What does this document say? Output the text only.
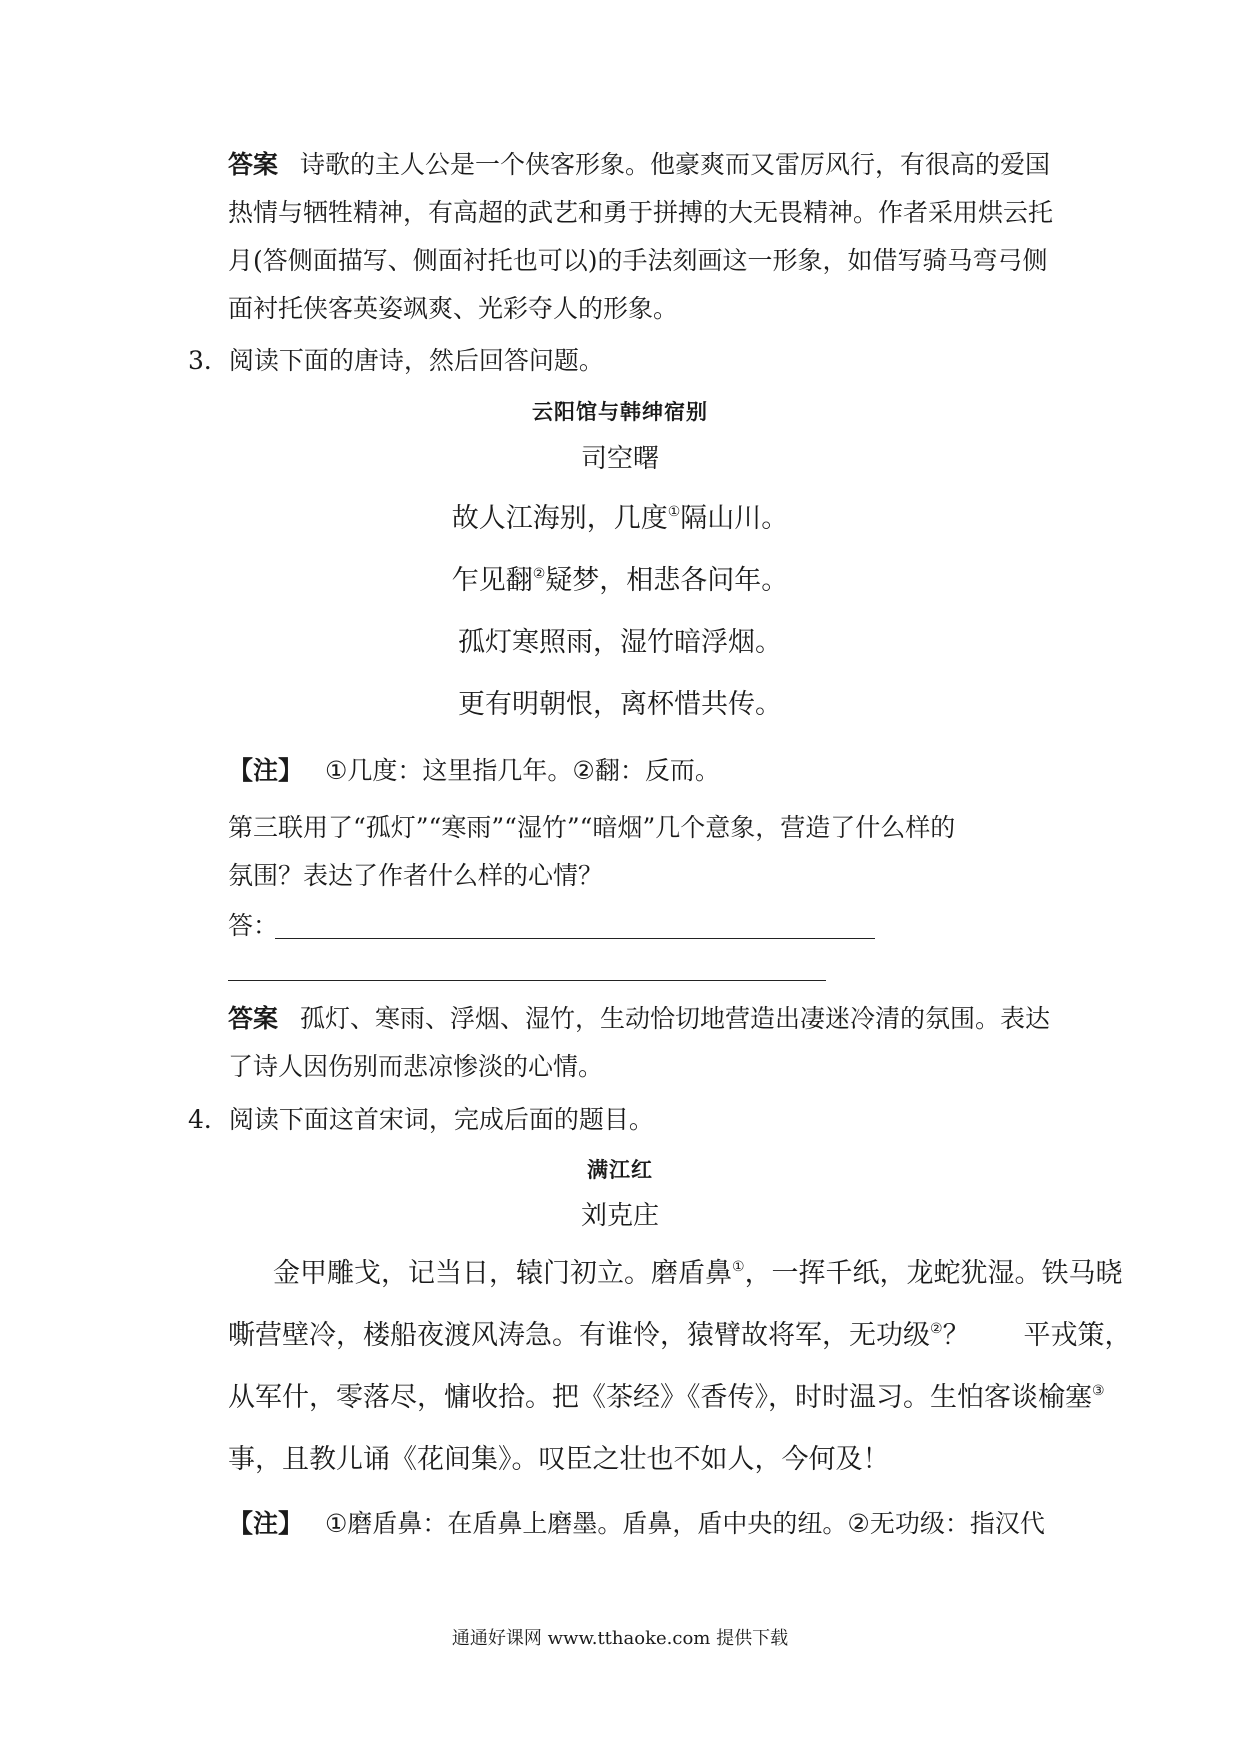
答案 诗歌的主人公是一个侠客形象。他豪爽而又雷厉风行，有很高的爱国
热情与牺牲精神，有高超的武艺和勇于拼搏的大无畏精神。作者采用烘云托
月(答侧面描写、侧面衬托也可以)的手法刻画这一形象，如借写骑马弯弓侧
面衬托侠客英姿飒爽、光彩夺人的形象。
3．阅读下面的唐诗，然后回答问题。
云阳馆与韩绅宿别
司空曙
故人江海别，几度①隔山川。
乍见翻②疑梦，相悲各问年。
孤灯寒照雨，湿竹暗浮烟。
更有明朝恨，离杯惜共传。
【注】 ①几度：这里指几年。②翻：反而。
第三联用了“孤灯”“寒雨”“湿竹”“暗烟”几个意象，营造了什么样的
氛围？表达了作者什么样的心情？
答：
答案 孤灯、寒雨、浮烟、湿竹，生动恰切地营造出凄迷冷清的氛围。表达
了诗人因伤别而悲凉惨淡的心情。
4．阅读下面这首宋词，完成后面的题目。
满江红
刘克庄
金甲雕戈，记当日，辕门初立。磨盾鼻①，一挥千纸，龙蛇犹湿。铁马晓
嘶营壁冷，楼船夜渡风涛急。有谁怜，猿臂故将军，无功级②？　　平戎策，
从军什，零落尽，慵收拾。把《茶经》《香传》，时时温习。生怕客谈榆塞③
事，且教儿诵《花间集》。叹臣之壮也不如人，今何及！
【注】 ①磨盾鼻：在盾鼻上磨墨。盾鼻，盾中央的纽。②无功级：指汉代
通通好课网 www.tthaoke.com 提供下载
